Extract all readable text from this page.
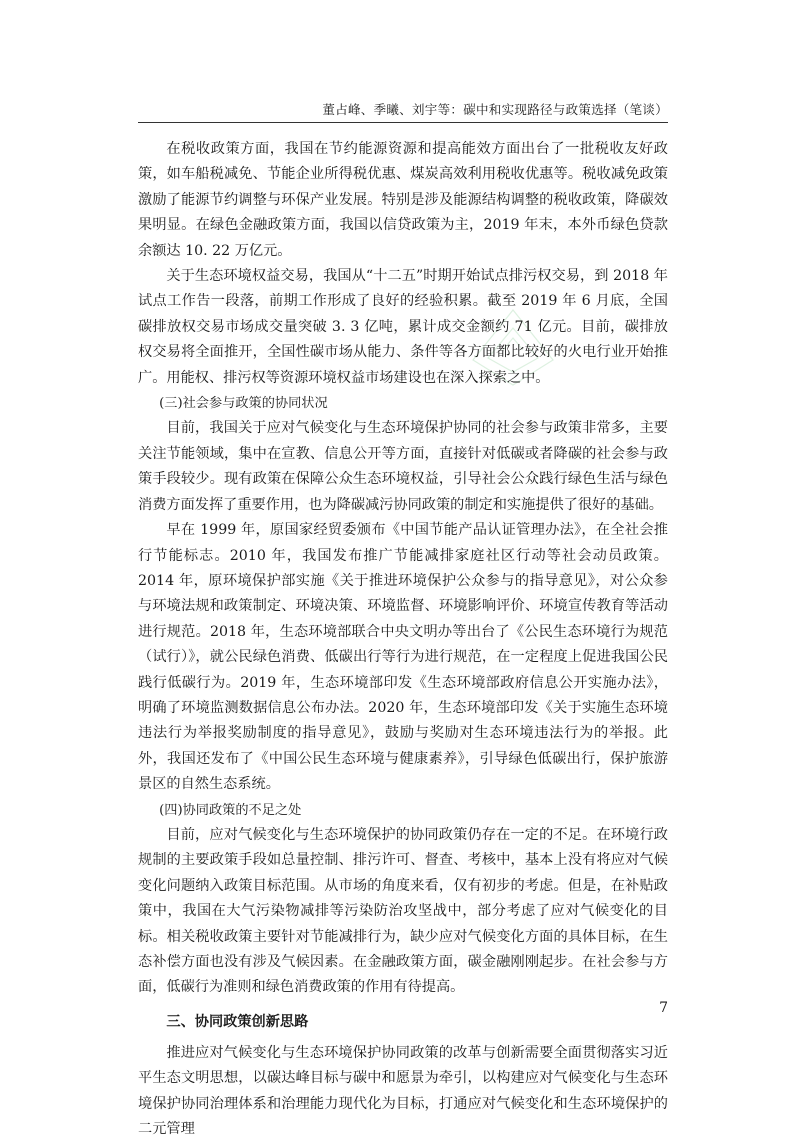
董占峰、季曦、刘宇等：碳中和实现路径与政策选择（笔谈）

在税收政策方面，我国在节约能源资源和提高能效方面出台了一批税收友好政策，如车船税减免、节能企业所得税优惠、煤炭高效利用税收优惠等。税收减免政策激励了能源节约调整与环保产业发展。特别是涉及能源结构调整的税收政策，降碳效果明显。在绿色金融政策方面，我国以信贷政策为主，2019 年末，本外币绿色贷款余额达 10. 22 万亿元。

关于生态环境权益交易，我国从“十二五”时期开始试点排污权交易，到 2018 年试点工作告一段落，前期工作形成了良好的经验积累。截至 2019 年 6 月底，全国碳排放权交易市场成交量突破 3. 3 亿吨，累计成交金额约 71 亿元。目前，碳排放权交易将全面推开，全国性碳市场从能力、条件等各方面都比较好的火电行业开始推广。用能权、排污权等资源环境权益市场建设也在深入探索之中。

(三)社会参与政策的协同状况

目前，我国关于应对气候变化与生态环境保护协同的社会参与政策非常多，主要关注节能领域，集中在宣教、信息公开等方面，直接针对低碳或者降碳的社会参与政策手段较少。现有政策在保障公众生态环境权益，引导社会公众践行绿色生活与绿色消费方面发挥了重要作用，也为降碳减污协同政策的制定和实施提供了很好的基础。

早在 1999 年，原国家经贸委颁布《中国节能产品认证管理办法》，在全社会推行节能标志。2010 年，我国发布推广节能减排家庭社区行动等社会动员政策。2014 年，原环境保护部实施《关于推进环境保护公众参与的指导意见》，对公众参与环境法规和政策制定、环境决策、环境监督、环境影响评价、环境宣传教育等活动进行规范。2018 年，生态环境部联合中央文明办等出台了《公民生态环境行为规范（试行）》，就公民绿色消费、低碳出行等行为进行规范，在一定程度上促进我国公民践行低碳行为。2019 年，生态环境部印发《生态环境部政府信息公开实施办法》，明确了环境监测数据信息公布办法。2020 年，生态环境部印发《关于实施生态环境违法行为举报奖励制度的指导意见》，鼓励与奖励对生态环境违法行为的举报。此外，我国还发布了《中国公民生态环境与健康素养》，引导绿色低碳出行，保护旅游景区的自然生态系统。

(四)协同政策的不足之处

目前，应对气候变化与生态环境保护的协同政策仍存在一定的不足。在环境行政规制的主要政策手段如总量控制、排污许可、督查、考核中，基本上没有将应对气候变化问题纳入政策目标范围。从市场的角度来看，仅有初步的考虑。但是，在补贴政策中，我国在大气污染物减排等污染防治攻坚战中，部分考虑了应对气候变化的目标。相关税收政策主要针对节能减排行为，缺少应对气候变化方面的具体目标，在生态补偿方面也没有涉及气候因素。在金融政策方面，碳金融刚刚起步。在社会参与方面，低碳行为准则和绿色消费政策的作用有待提高。

三、协同政策创新思路

推进应对气候变化与生态环境保护协同政策的改革与创新需要全面贯彻落实习近平生态文明思想，以碳达峰目标与碳中和愿景为牵引，以构建应对气候变化与生态环境保护协同治理体系和治理能力现代化为目标，打通应对气候变化和生态环境保护的二元管理

7
